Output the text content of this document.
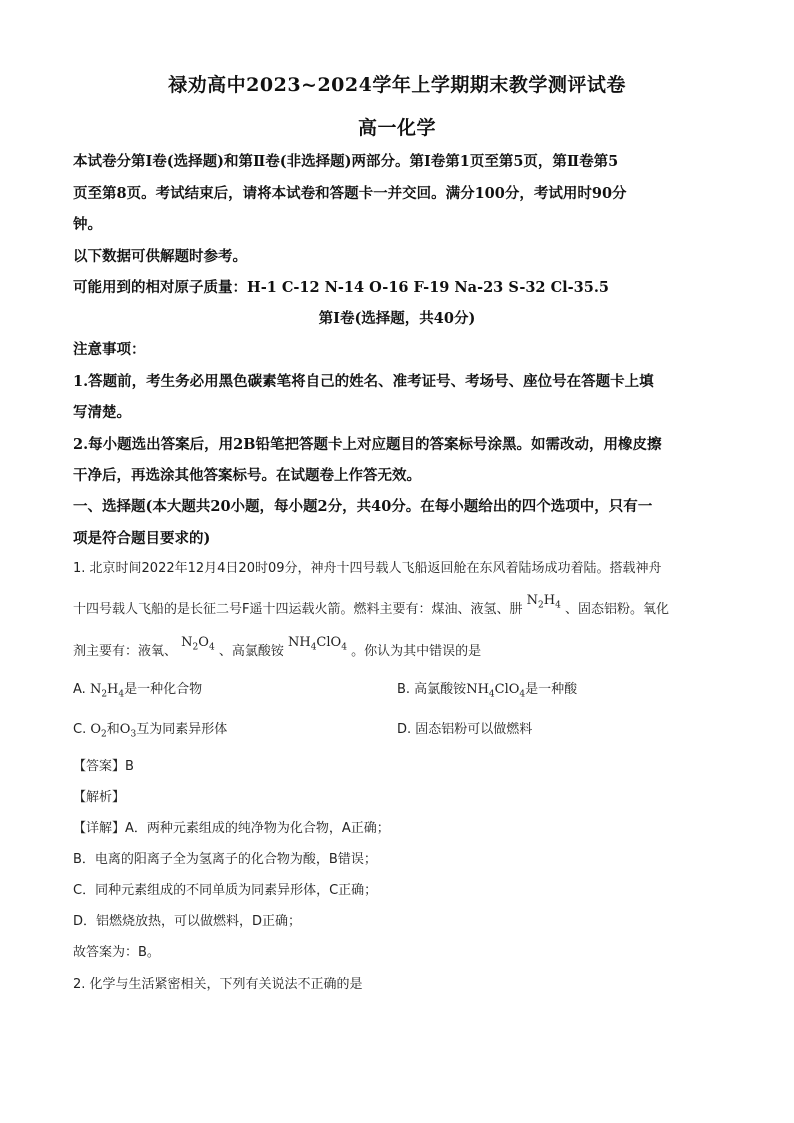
禄劝高中2023~2024学年上学期期末教学测评试卷
高一化学
本试卷分第Ⅰ卷(选择题)和第Ⅱ卷(非选择题)两部分。第Ⅰ卷第1页至第5页，第Ⅱ卷第5
页至第8页。考试结束后，请将本试卷和答题卡一并交回。满分100分，考试用时90分
钟。
以下数据可供解题时参考。
可能用到的相对原子质量：H-1 C-12 N-14 O-16 F-19 Na-23 S-32 Cl-35.5
第Ⅰ卷(选择题，共40分)
注意事项：
1.答题前，考生务必用黑色碳素笔将自己的姓名、准考证号、考场号、座位号在答题卡上填
写清楚。
2.每小题选出答案后，用2B铅笔把答题卡上对应题目的答案标号涂黑。如需改动，用橡皮擦
干净后，再选涂其他答案标号。在试题卷上作答无效。
一、选择题(本大题共20小题，每小题2分，共40分。在每小题给出的四个选项中，只有一
项是符合题目要求的)
1. 北京时间2022年12月4日20时09分，神舟十四号载人飞船返回舱在东风着陆场成功着陆。搭载神舟
十四号载人飞船的是长征二号F遥十四运载火箭。燃料主要有：煤油、液氢、肼 $N_2H_4$ 、固态铝粉。氧化
剂主要有：液氧、 $N_2O_4$ 、高氯酸铵 $NH_4ClO_4$ 。你认为其中错误的是
A. $N_2H_4$是一种化合物	B. 高氯酸铵$NH_4ClO_4$是一种酸
C. $O_2$和$O_3$互为同素异形体	D. 固态铝粉可以做燃料
【答案】B
【解析】
【详解】A．两种元素组成的纯净物为化合物，A正确；
B．电离的阳离子全为氢离子的化合物为酸，B错误；
C．同种元素组成的不同单质为同素异形体，C正确；
D．铝燃烧放热，可以做燃料，D正确；
故答案为：B。
2. 化学与生活紧密相关，下列有关说法不正确的是
